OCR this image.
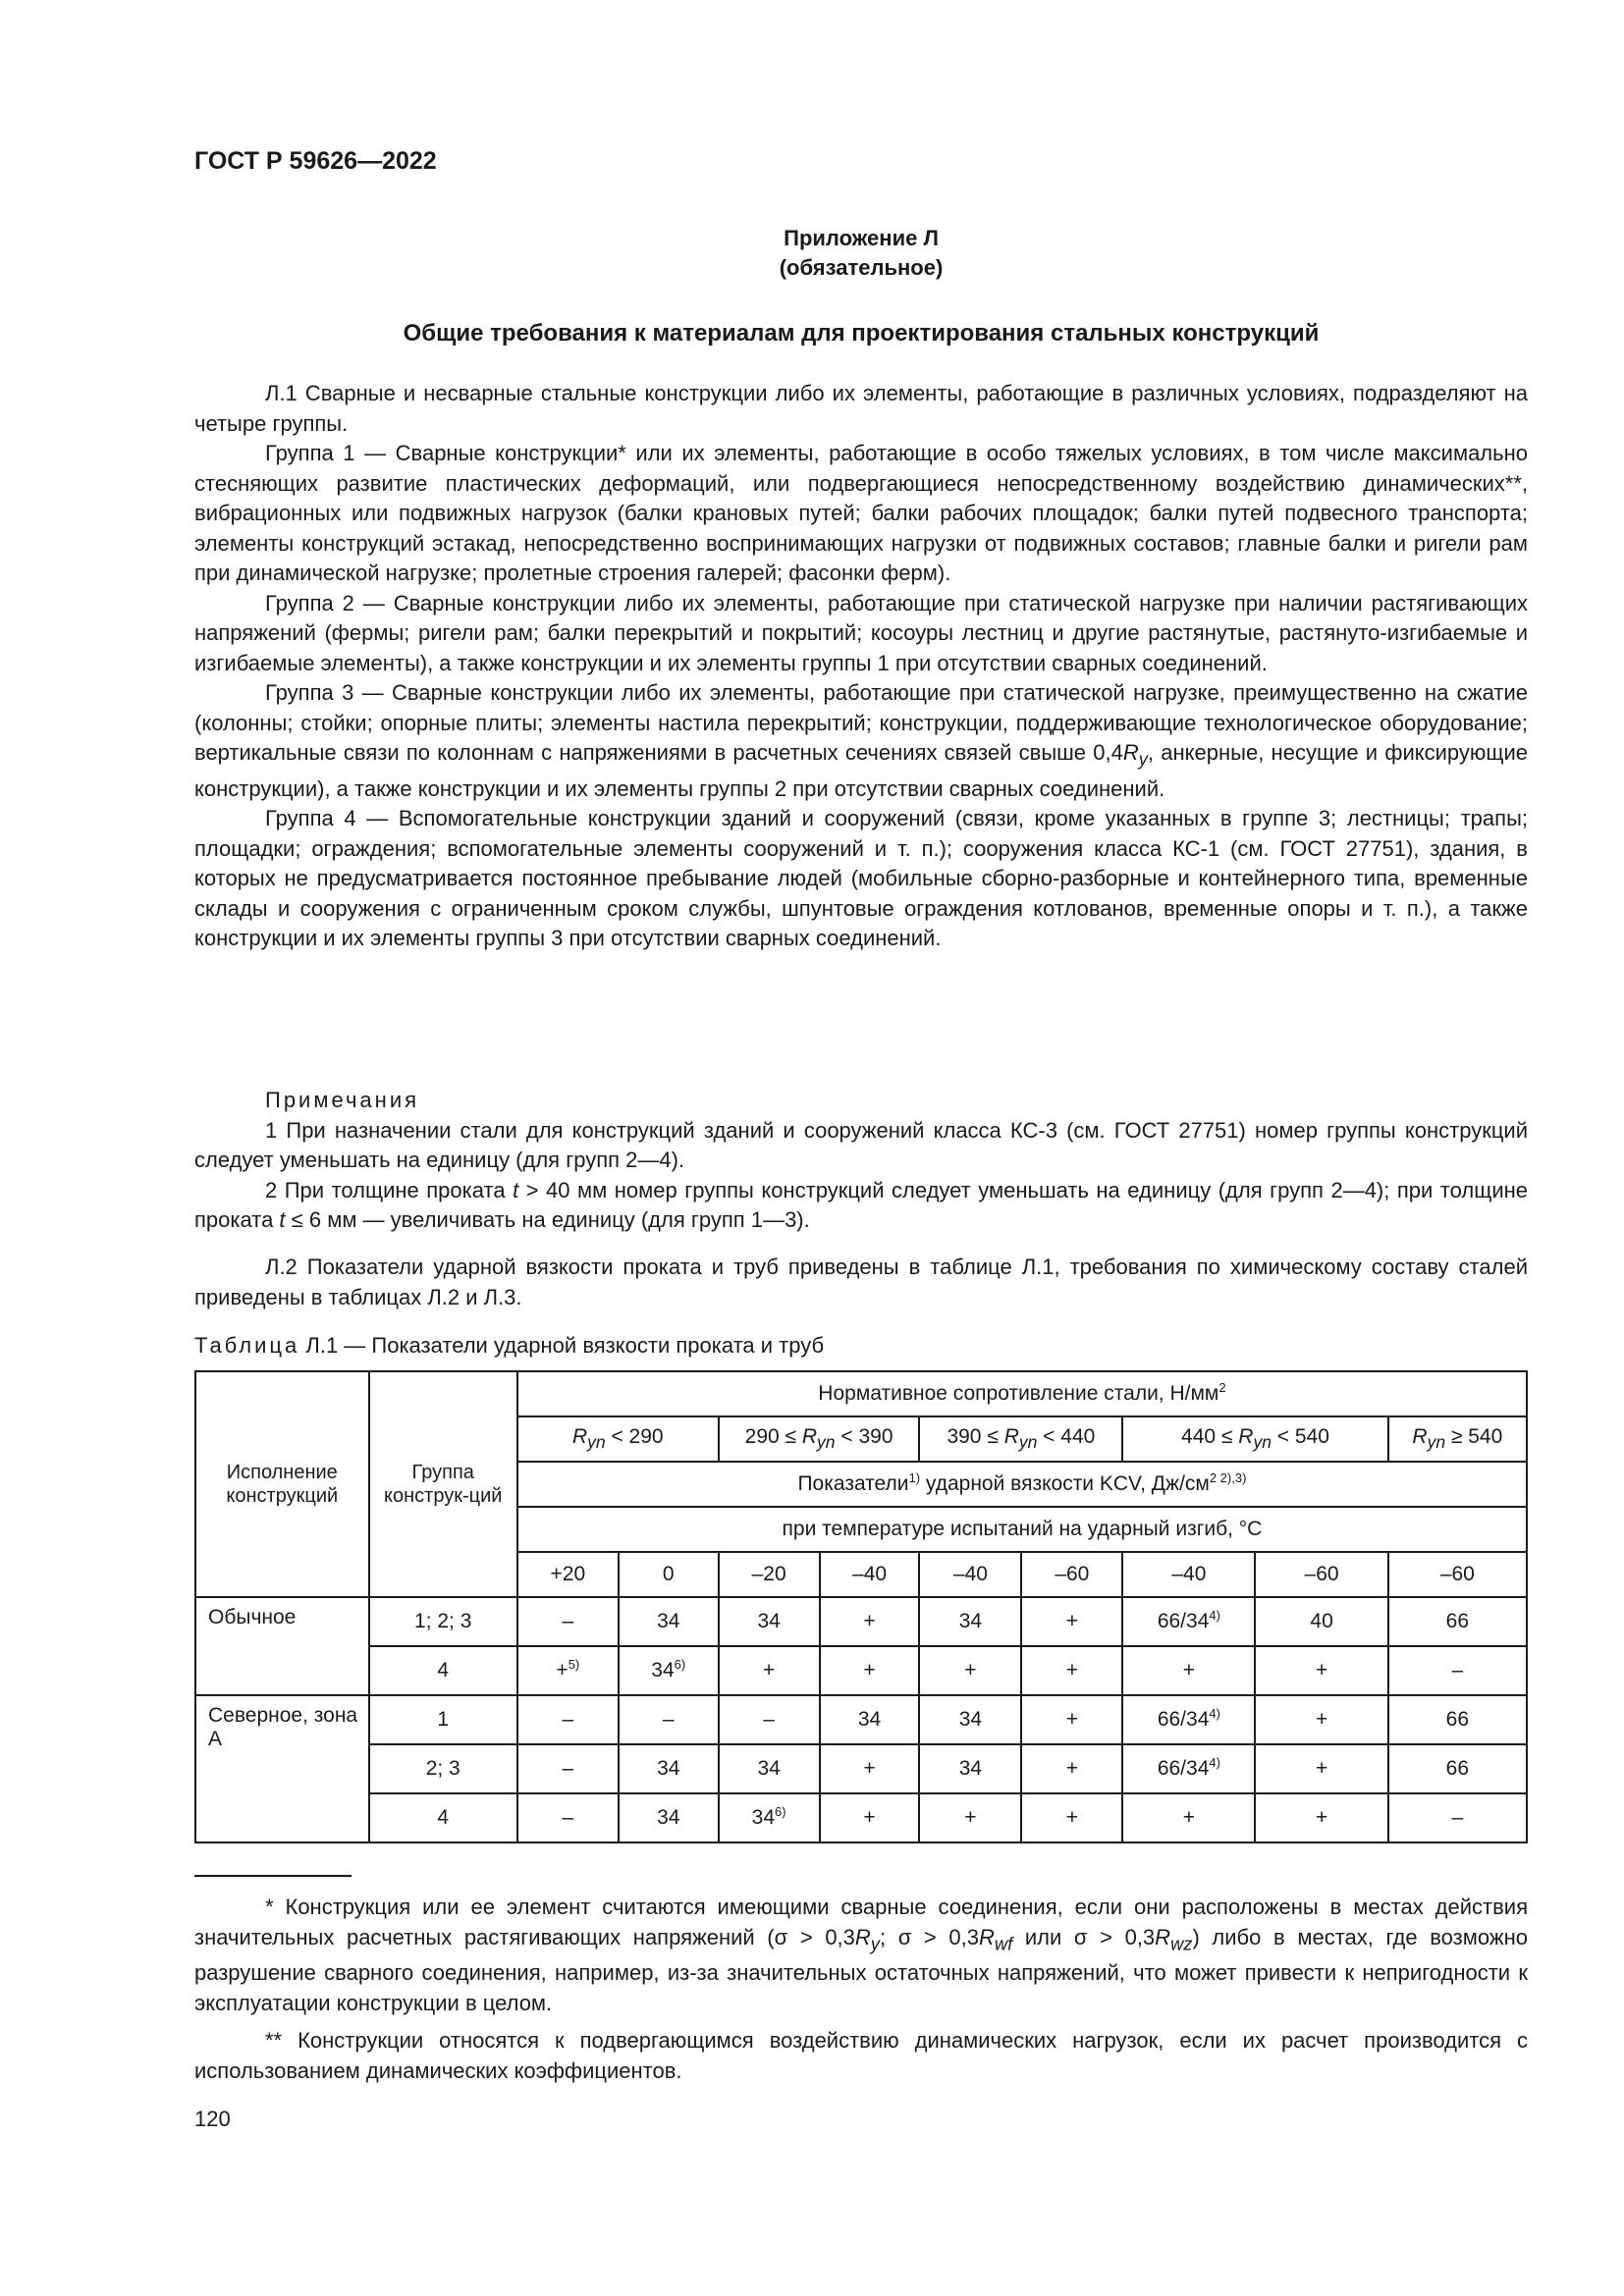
ГОСТ Р 59626—2022
Приложение Л
(обязательное)
Общие требования к материалам для проектирования стальных конструкций

Л.1 Сварные и несварные стальные конструкции либо их элементы, работающие в различных условиях, подразделяют на четыре группы.

Группа 1 — Сварные конструкции* или их элементы, работающие в особо тяжелых условиях, в том числе максимально стесняющих развитие пластических деформаций, или подвергающиеся непосредственному воздействию динамических**, вибрационных или подвижных нагрузок (балки крановых путей; балки рабочих площадок; балки путей подвесного транспорта; элементы конструкций эстакад, непосредственно воспринимающих нагрузки от подвижных составов; главные балки и ригели рам при динамической нагрузке; пролетные строения галерей; фасонки ферм).

Группа 2 — Сварные конструкции либо их элементы, работающие при статической нагрузке при наличии растягивающих напряжений (фермы; ригели рам; балки перекрытий и покрытий; косоуры лестниц и другие растянутые, растянуто-изгибаемые и изгибаемые элементы), а также конструкции и их элементы группы 1 при отсутствии сварных соединений.

Группа 3 — Сварные конструкции либо их элементы, работающие при статической нагрузке, преимущественно на сжатие (колонны; стойки; опорные плиты; элементы настила перекрытий; конструкции, поддерживающие технологическое оборудование; вертикальные связи по колоннам с напряжениями в расчетных сечениях связей свыше $0,4R_y$, анкерные, несущие и фиксирующие конструкции), а также конструкции и их элементы группы 2 при отсутствии сварных соединений.

Группа 4 — Вспомогательные конструкции зданий и сооружений (связи, кроме указанных в группе 3; лестницы; трапы; площадки; ограждения; вспомогательные элементы сооружений и т. п.); сооружения класса КС-1 (см. ГОСТ 27751), здания, в которых не предусматривается постоянное пребывание людей (мобильные сборно-разборные и контейнерного типа, временные склады и сооружения с ограниченным сроком службы, шпунтовые ограждения котлованов, временные опоры и т. п.), а также конструкции и их элементы группы 3 при отсутствии сварных соединений.

Примечания

1 При назначении стали для конструкций зданий и сооружений класса КС-3 (см. ГОСТ 27751) номер группы конструкций следует уменьшать на единицу (для групп 2—4).

2 При толщине проката t > 40 мм номер группы конструкций следует уменьшать на единицу (для групп 2—4); при толщине проката t ≤ 6 мм — увеличивать на единицу (для групп 1—3).

Л.2 Показатели ударной вязкости проката и труб приведены в таблице Л.1, требования по химическому составу сталей приведены в таблицах Л.2 и Л.3.

Таблица Л.1 — Показатели ударной вязкости проката и труб
Исполнение конструкций	Группа конструк-ций	Нормативное сопротивление стали, $Н/мм^2$
		$R_{yn} < 290$		$290 \le R_{yn} < 390$		$390 \le R_{yn} < 440$		$440 \le R_{yn} < 540$		$R_{yn} \ge 540$
		Показатели$^{1)}$ ударной вязкости KCV, $Дж/см^{2 2),3)}$
		при температуре испытаний на ударный изгиб, °С								
		+20	0	–20	–40	–40	–60	–40	–60	–60
Обычное	1; 2; 3	–	34	34	+	34	+	$66/34^{4)}$	40	66
	4	+$^{5)}$	$34^{6)}$	+	+	+	+	+	+	–
Северное, зона А	1	–	–	–	34	34	+	$66/34^{4)}$	+	66
	2; 3	–	34	34	+	34	+	$66/34^{4)}$	+	66
	4	–	34	$34^{6)}$	+	+	+	+	+	–

* Конструкция или ее элемент считаются имеющими сварные соединения, если они расположены в местах действия значительных расчетных растягивающих напряжений ($\sigma > 0,3R_y$; $\sigma > 0,3R_{wf}$ или $\sigma > 0,3R_{wz}$) либо в местах, где возможно разрушение сварного соединения, например, из-за значительных остаточных напряжений, что может привести к непригодности к эксплуатации конструкции в целом.

** Конструкции относятся к подвергающимся воздействию динамических нагрузок, если их расчет производится с использованием динамических коэффициентов.

120
